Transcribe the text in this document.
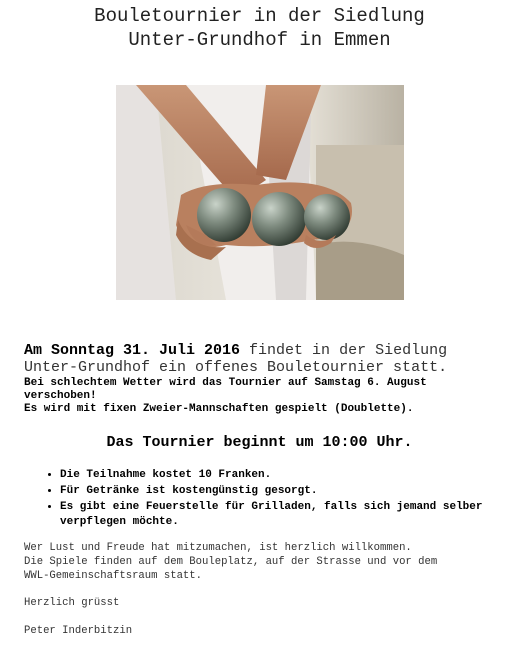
Bouletournier in der Siedlung
Unter-Grundhof in Emmen
Am Sonntag 31. Juli 2016 findet in der Siedlung
Unter-Grundhof ein offenes Bouletournier statt.
Bei schlechtem Wetter wird das Tournier auf Samstag 6. August
verschoben!
Es wird mit fixen Zweier-Mannschaften gespielt (Doublette).
Das Tournier beginnt um 10:00 Uhr.
• Die Teilnahme kostet 10 Franken.
• Für Getränke ist kostengünstig gesorgt.
• Es gibt eine Feuerstelle für Grilladen, falls sich jemand selber verpflegen möchte.
Wer Lust und Freude hat mitzumachen, ist herzlich willkommen.
Die Spiele finden auf dem Bouleplatz, auf der Strasse und vor dem
WWL-Gemeinschaftsraum statt.
Herzlich grüsst
Peter Inderbitzin
